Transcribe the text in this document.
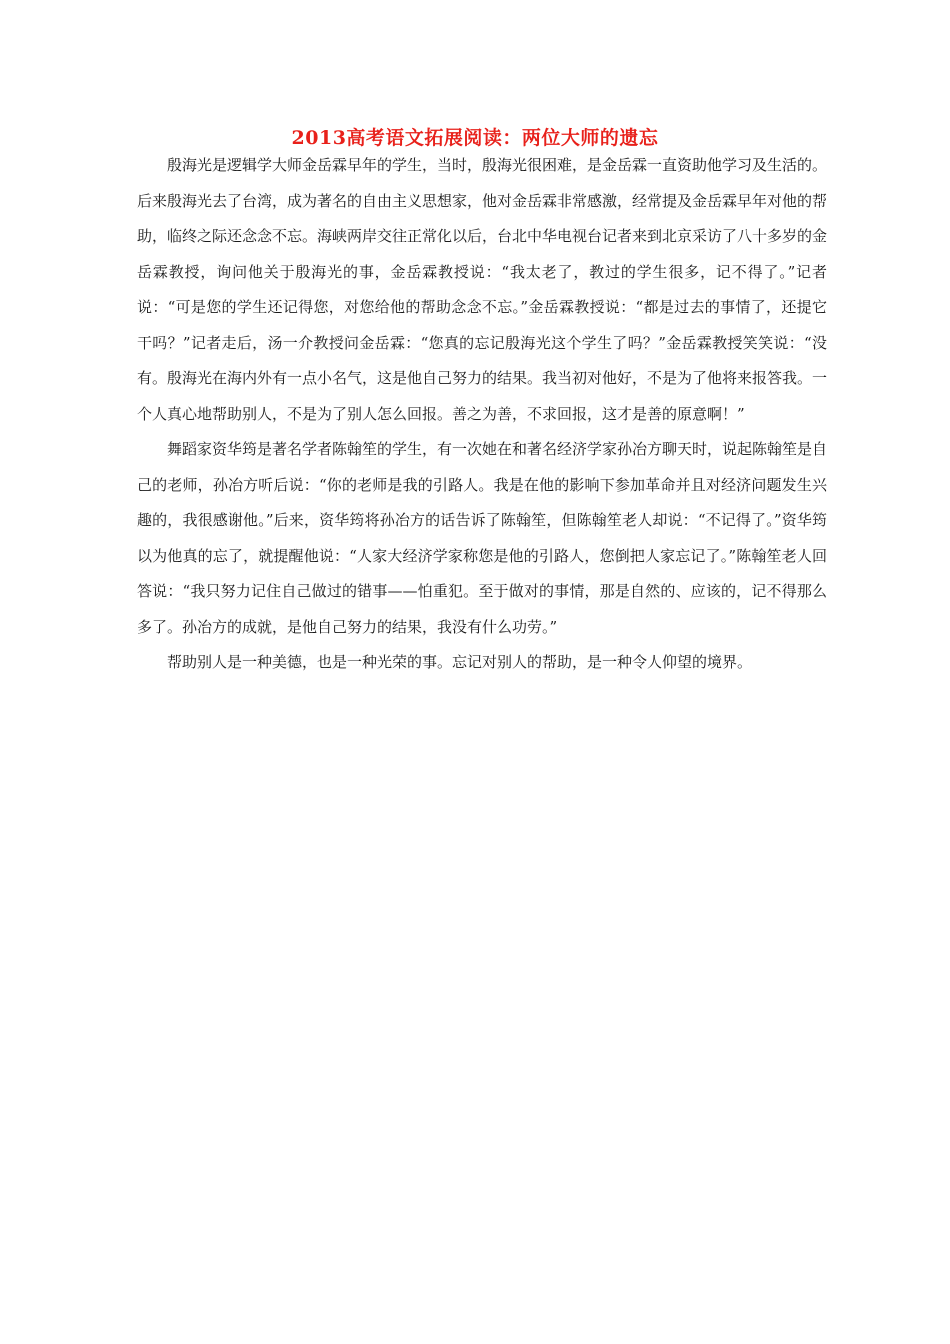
2013高考语文拓展阅读：两位大师的遗忘

殷海光是逻辑学大师金岳霖早年的学生，当时，殷海光很困难，是金岳霖一直资助他学习及生活的。后来殷海光去了台湾，成为著名的自由主义思想家，他对金岳霖非常感激，经常提及金岳霖早年对他的帮助，临终之际还念念不忘。海峡两岸交往正常化以后，台北中华电视台记者来到北京采访了八十多岁的金岳霖教授，询问他关于殷海光的事，金岳霖教授说：“我太老了，教过的学生很多，记不得了。”记者说：“可是您的学生还记得您，对您给他的帮助念念不忘。”金岳霖教授说：“都是过去的事情了，还提它干吗？”记者走后，汤一介教授问金岳霖：“您真的忘记殷海光这个学生了吗？”金岳霖教授笑笑说：“没有。殷海光在海内外有一点小名气，这是他自己努力的结果。我当初对他好，不是为了他将来报答我。一个人真心地帮助别人，不是为了别人怎么回报。善之为善，不求回报，这才是善的原意啊！”

舞蹈家资华筠是著名学者陈翰笙的学生，有一次她在和著名经济学家孙冶方聊天时，说起陈翰笙是自己的老师，孙冶方听后说：“你的老师是我的引路人。我是在他的影响下参加革命并且对经济问题发生兴趣的，我很感谢他。”后来，资华筠将孙冶方的话告诉了陈翰笙，但陈翰笙老人却说：“不记得了。”资华筠以为他真的忘了，就提醒他说：“人家大经济学家称您是他的引路人，您倒把人家忘记了。”陈翰笙老人回答说：“我只努力记住自己做过的错事——怕重犯。至于做对的事情，那是自然的、应该的，记不得那么多了。孙冶方的成就，是他自己努力的结果，我没有什么功劳。”

帮助别人是一种美德，也是一种光荣的事。忘记对别人的帮助，是一种令人仰望的境界。
